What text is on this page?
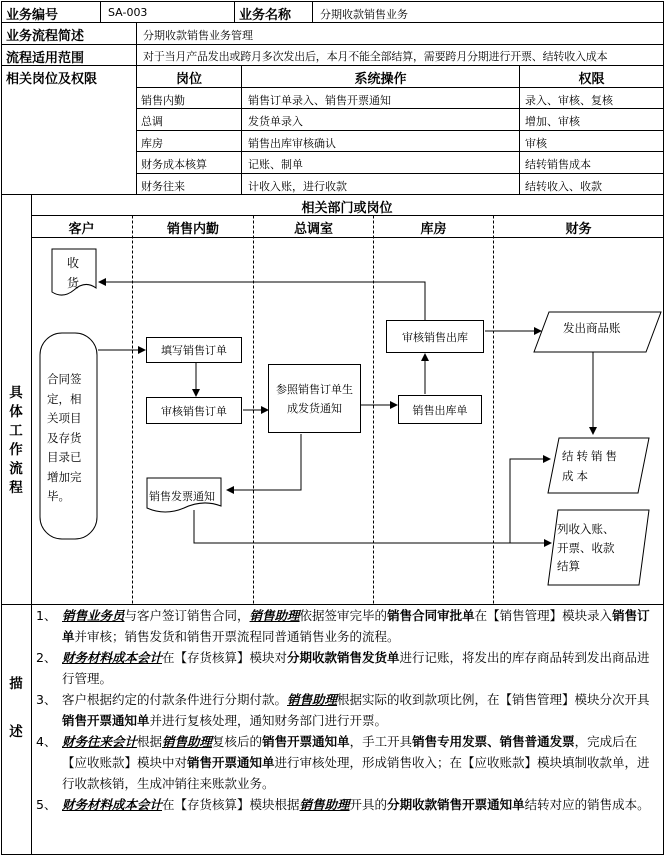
业务编号	SA-003	业务名称	分期收款销售业务
业务流程简述	分期收款销售业务管理
流程适用范围	对于当月产品发出或跨月多次发出后，本月不能全部结算，需要跨月分期进行开票、结转收入成本
相关岗位及权限	岗位	系统操作	权限
销售内勤	销售订单录入、销售开票通知	录入、审核、复核
总调	发货单录入	增加、审核
库房	销售出库审核确认	审核
财务成本核算	记账、制单	结转销售成本
财务往来	计收入账，进行收款	结转收入、收款
相关部门或岗位
客户	销售内勤	总调室	库房	财务
具体工作流程
收货
合同签定，相关项目及存货目录已增加完毕。
填写销售订单
审核销售订单
销售发票通知
参照销售订单生成发货通知	销售出库单
审核销售出库
发出商品账
结转销售成本
列收入账、开票、收款结算
描述

1、 销售业务员与客户签订销售合同，销售助理依据签审完毕的销售合同审批单在【销售管理】模块录入销售订单并审核；销售发货和销售开票流程同普通销售业务的流程。

2、 财务材料成本会计在【存货核算】模块对分期收款销售发货单进行记账，将发出的库存商品转到发出商品进行管理。

3、 客户根据约定的付款条件进行分期付款。销售助理根据实际的收到款项比例，在【销售管理】模块分次开具销售开票通知单并进行复核处理，通知财务部门进行开票。

4、 财务往来会计根据销售助理复核后的销售开票通知单，手工开具销售专用发票、销售普通发票，完成后在【应收账款】模块中对销售开票通知单进行审核处理，形成销售收入；在【应收账款】模块填制收款单，进行收款核销，生成冲销往来账款业务。

5、 财务材料成本会计在【存货核算】模块根据销售助理开具的分期收款销售开票通知单结转对应的销售成本。
